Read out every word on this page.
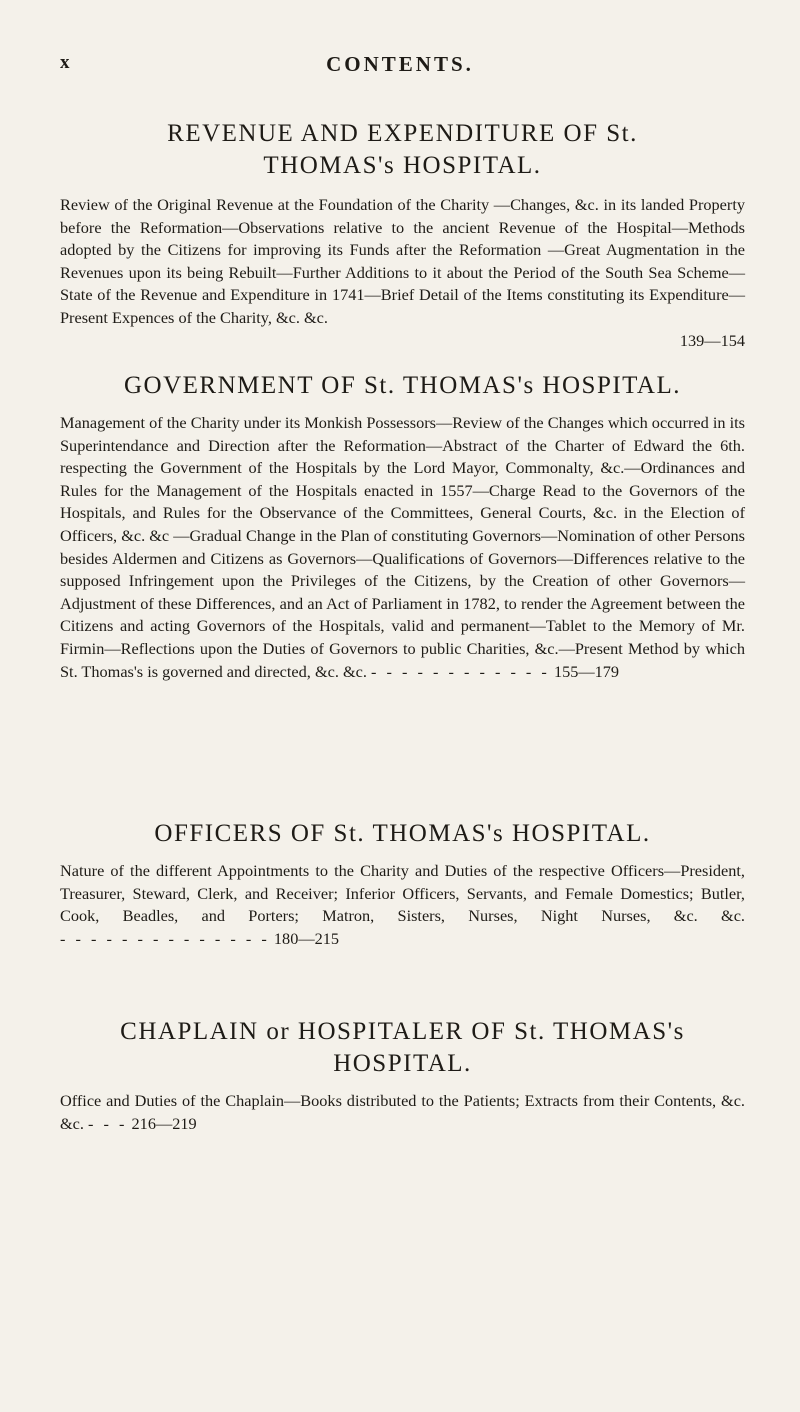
x	CONTENTS.
REVENUE AND EXPENDITURE OF St.
THOMAS's HOSPITAL.

Review of the Original Revenue at the Foundation of the Charity —Changes, &c. in its landed Property before the Reformation—Observations relative to the ancient Revenue of the Hospital—Methods adopted by the Citizens for improving its Funds after the Reformation —Great Augmentation in the Revenues upon its being Rebuilt—Further Additions to it about the Period of the South Sea Scheme—State of the Revenue and Expenditure in 1741—Brief Detail of the Items constituting its Expenditure—Present Expences of the Charity, &c. &c.

139—154

GOVERNMENT OF St. THOMAS's HOSPITAL.

Management of the Charity under its Monkish Possessors—Review of the Changes which occurred in its Superintendance and Direction after the Reformation—Abstract of the Charter of Edward the 6th. respecting the Government of the Hospitals by the Lord Mayor, Commonalty, &c.—Ordinances and Rules for the Management of the Hospitals enacted in 1557—Charge Read to the Governors of the Hospitals, and Rules for the Observance of the Committees, General Courts, &c. in the Election of Officers, &c. &c —Gradual Change in the Plan of constituting Governors—Nomination of other Persons besides Aldermen and Citizens as Governors—Qualifications of Governors—Differences relative to the supposed Infringement upon the Privileges of the Citizens, by the Creation of other Governors—Adjustment of these Differences, and an Act of Parliament in 1782, to render the Agreement between the Citizens and acting Governors of the Hospitals, valid and permanent—Tablet to the Memory of Mr. Firmin—Reflections upon the Duties of Governors to public Charities, &c.—Present Method by which St. Thomas's is governed and directed, &c. &c. - - - - - - - - - - - - 155—179

OFFICERS OF St. THOMAS's HOSPITAL.

Nature of the different Appointments to the Charity and Duties of the respective Officers—President, Treasurer, Steward, Clerk, and Receiver; Inferior Officers, Servants, and Female Domestics; Butler, Cook, Beadles, and Porters; Matron, Sisters, Nurses, Night Nurses, &c. &c. - - - - - - - - - - - - - - 180—215

CHAPLAIN or HOSPITALER OF St. THOMAS's
HOSPITAL.

Office and Duties of the Chaplain—Books distributed to the Patients; Extracts from their Contents, &c. &c. - - - 216—219
